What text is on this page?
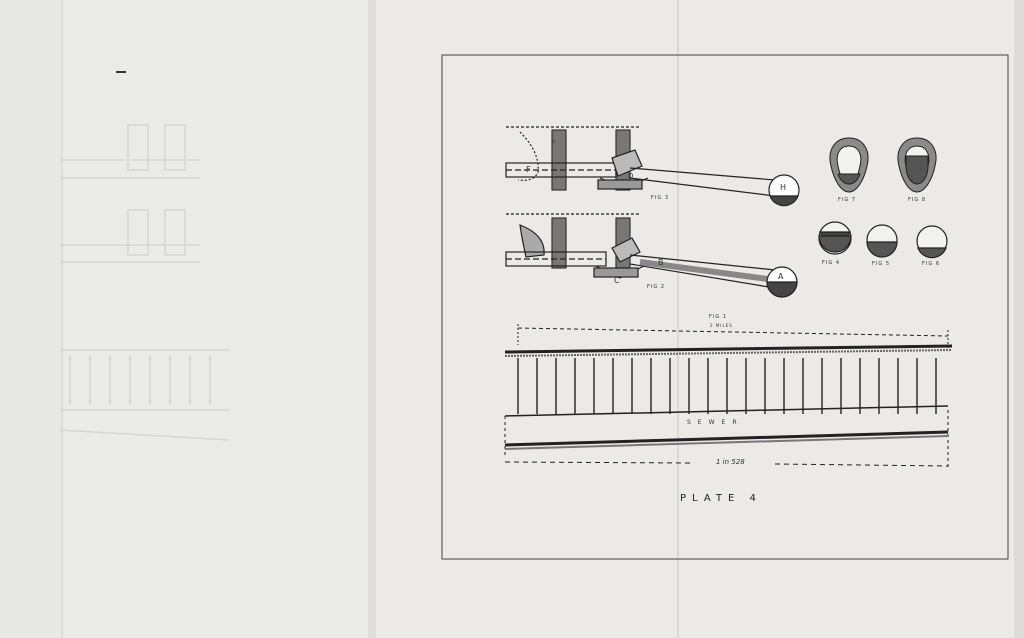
F
F
D
H
FIG 3
B
C	A
FIG 2
FIG 7	FIG 8
FIG 4	FIG 5	FIG 6
FIG 1
2 MILES
SEWER
1 in 528
PLATE 4
